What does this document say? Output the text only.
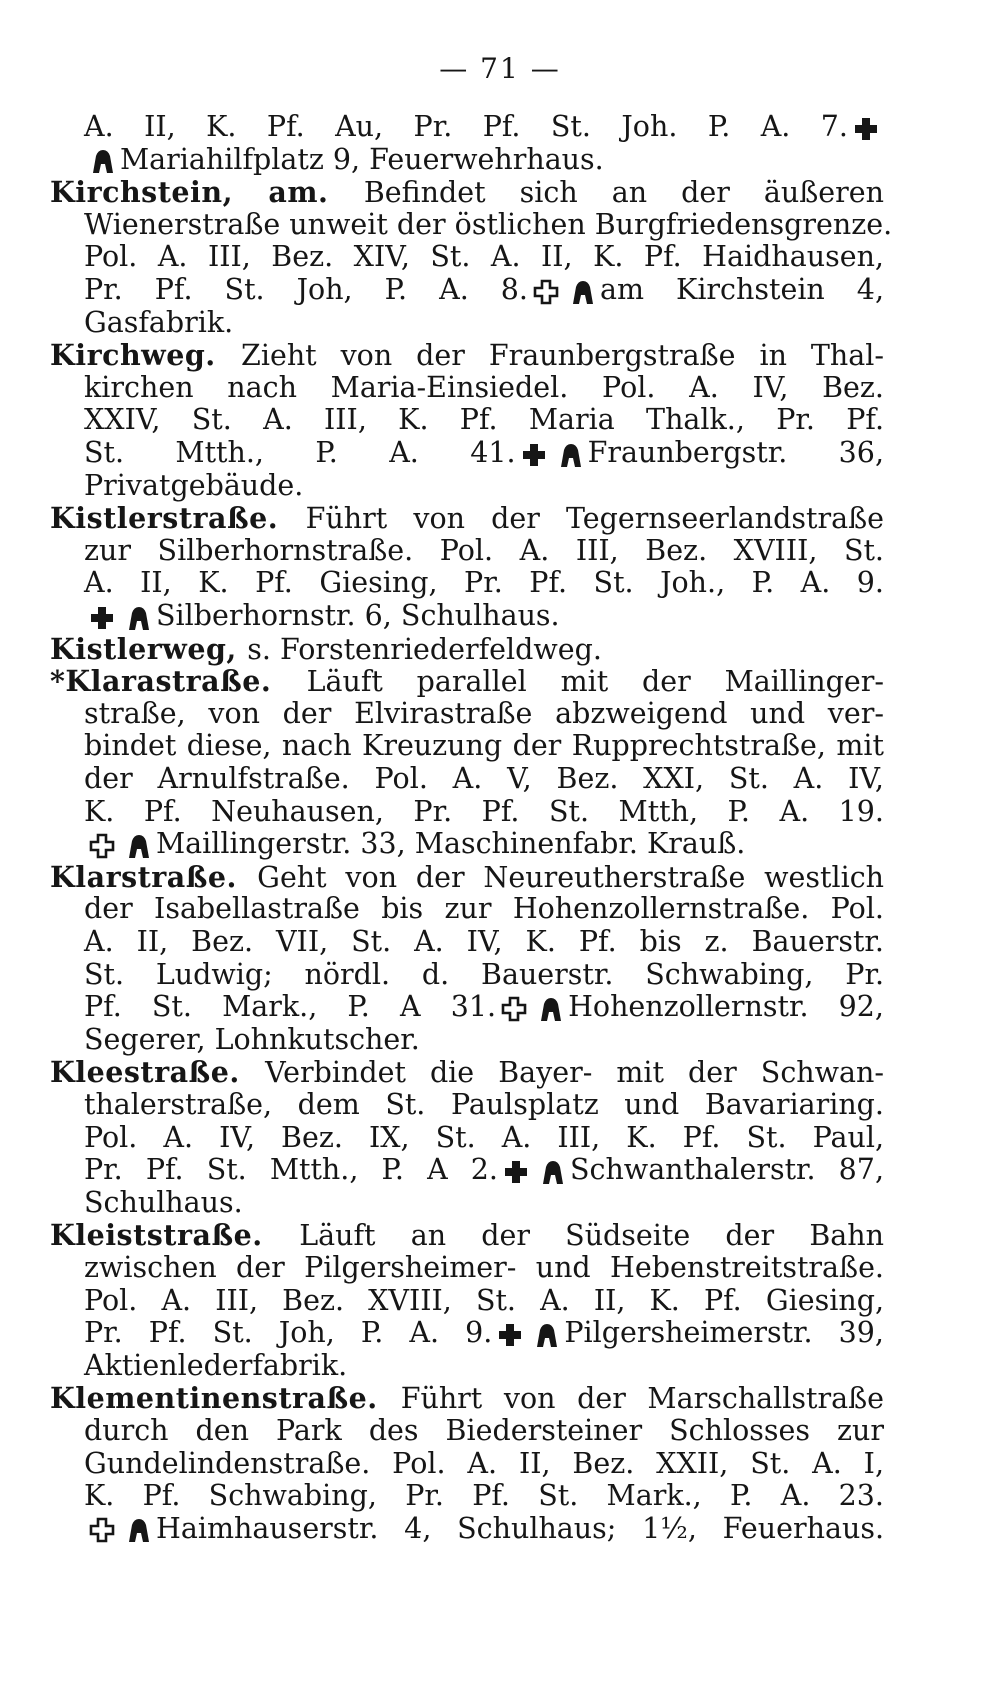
— 71 —
A. II, K. Pf. Au, Pr. Pf. St. Joh. P. A. 7.
Mariahilfplatz 9, Feuerwehrhaus.
Kirchstein, am. Befindet sich an der äußeren
Wienerstraße unweit der östlichen Burgfriedensgrenze.
Pol. A. III, Bez. XIV, St. A. II, K. Pf. Haidhausen,
Pr. Pf. St. Joh, P. A. 8.	am Kirchstein 4,
Gasfabrik.
Kirchweg. Zieht von der Fraunbergstraße in Thal-
kirchen nach Maria-Einsiedel. Pol. A. IV, Bez.
XXIV, St. A. III, K. Pf. Maria Thalk., Pr. Pf.
St. Mtth., P. A. 41.	Fraunbergstr. 36,
Privatgebäude.
Kistlerstraße. Führt von der Tegernseerlandstraße
zur Silberhornstraße. Pol. A. III, Bez. XVIII, St.
A. II, K. Pf. Giesing, Pr. Pf. St. Joh., P. A. 9.
Silberhornstr. 6, Schulhaus.
Kistlerweg, s. Forstenriederfeldweg.
*Klarastraße. Läuft parallel mit der Maillinger-
straße, von der Elvirastraße abzweigend und ver-
bindet diese, nach Kreuzung der Rupprechtstraße, mit
der Arnulfstraße. Pol. A. V, Bez. XXI, St. A. IV,
K. Pf. Neuhausen, Pr. Pf. St. Mtth, P. A. 19.
Maillingerstr. 33, Maschinenfabr. Krauß.
Klarstraße. Geht von der Neureutherstraße westlich
der Isabellastraße bis zur Hohenzollernstraße. Pol.
A. II, Bez. VII, St. A. IV, K. Pf. bis z. Bauerstr.
St. Ludwig; nördl. d. Bauerstr. Schwabing, Pr.
Pf. St. Mark., P. A 31.	Hohenzollernstr. 92,
Segerer, Lohnkutscher.
Kleestraße. Verbindet die Bayer- mit der Schwan-
thalerstraße, dem St. Paulsplatz und Bavariaring.
Pol. A. IV, Bez. IX, St. A. III, K. Pf. St. Paul,
Pr. Pf. St. Mtth., P. A 2.	Schwanthalerstr. 87,
Schulhaus.
Kleiststraße. Läuft an der Südseite der Bahn
zwischen der Pilgersheimer- und Hebenstreitstraße.
Pol. A. III, Bez. XVIII, St. A. II, K. Pf. Giesing,
Pr. Pf. St. Joh, P. A. 9.	Pilgersheimerstr. 39,
Aktienlederfabrik.
Klementinenstraße. Führt von der Marschallstraße
durch den Park des Biedersteiner Schlosses zur
Gundelindenstraße. Pol. A. II, Bez. XXII, St. A. I,
K. Pf. Schwabing, Pr. Pf. St. Mark., P. A. 23.
Haimhauserstr. 4, Schulhaus; 1½, Feuerhaus.
